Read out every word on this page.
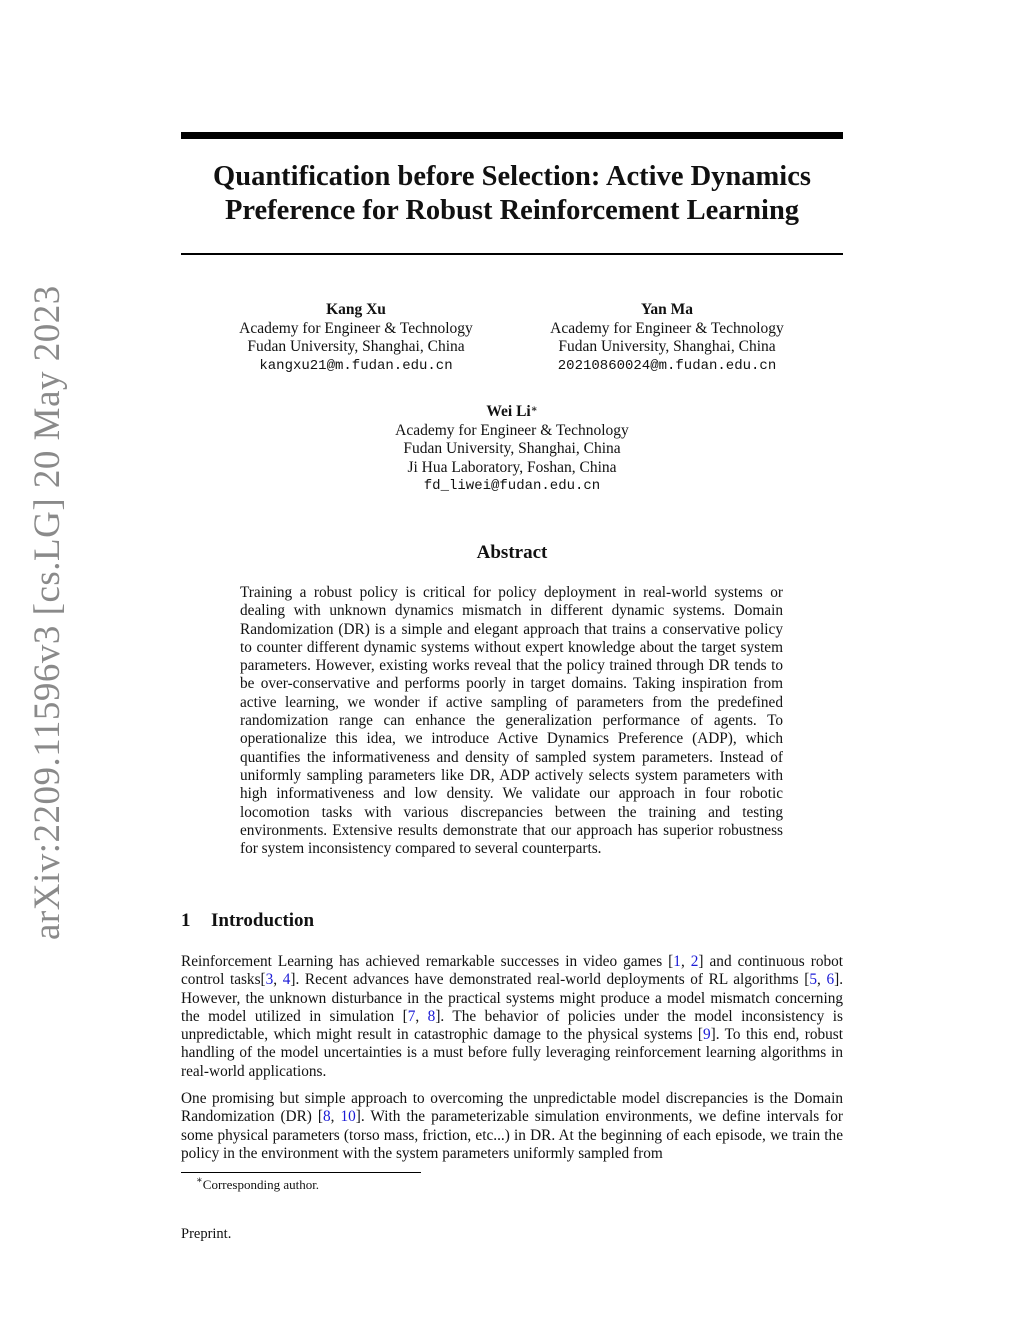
arXiv:2209.11596v3 [cs.LG] 20 May 2023
Quantification before Selection: Active Dynamics
Preference for Robust Reinforcement Learning
Kang Xu
Academy for Engineer & Technology
Fudan University, Shanghai, China
kangxu21@m.fudan.edu.cn
Yan Ma
Academy for Engineer & Technology
Fudan University, Shanghai, China
20210860024@m.fudan.edu.cn
Wei Li∗
Academy for Engineer & Technology
Fudan University, Shanghai, China
Ji Hua Laboratory, Foshan, China
fd_liwei@fudan.edu.cn
Abstract
Training a robust policy is critical for policy deployment in real-world systems or dealing with unknown dynamics mismatch in different dynamic systems. Domain Randomization (DR) is a simple and elegant approach that trains a conservative policy to counter different dynamic systems without expert knowledge about the target system parameters. However, existing works reveal that the policy trained through DR tends to be over-conservative and performs poorly in target domains. Taking inspiration from active learning, we wonder if active sampling of parameters from the predefined randomization range can enhance the generalization performance of agents. To operationalize this idea, we introduce Active Dynamics Preference (ADP), which quantifies the informativeness and density of sampled system parameters. Instead of uniformly sampling parameters like DR, ADP actively selects system parameters with high informativeness and low density. We validate our approach in four robotic locomotion tasks with various discrepancies between the training and testing environments. Extensive results demonstrate that our approach has superior robustness for system inconsistency compared to several counterparts.
1 Introduction

Reinforcement Learning has achieved remarkable successes in video games [1, 2] and continuous robot control tasks[3, 4]. Recent advances have demonstrated real-world deployments of RL algorithms [5, 6]. However, the unknown disturbance in the practical systems might produce a model mismatch concerning the model utilized in simulation [7, 8]. The behavior of policies under the model inconsistency is unpredictable, which might result in catastrophic damage to the physical systems [9]. To this end, robust handling of the model uncertainties is a must before fully leveraging reinforcement learning algorithms in real-world applications.

One promising but simple approach to overcoming the unpredictable model discrepancies is the Domain Randomization (DR) [8, 10]. With the parameterizable simulation environments, we define intervals for some physical parameters (torso mass, friction, etc...) in DR. At the beginning of each episode, we train the policy in the environment with the system parameters uniformly sampled from

∗Corresponding author.
Preprint.
